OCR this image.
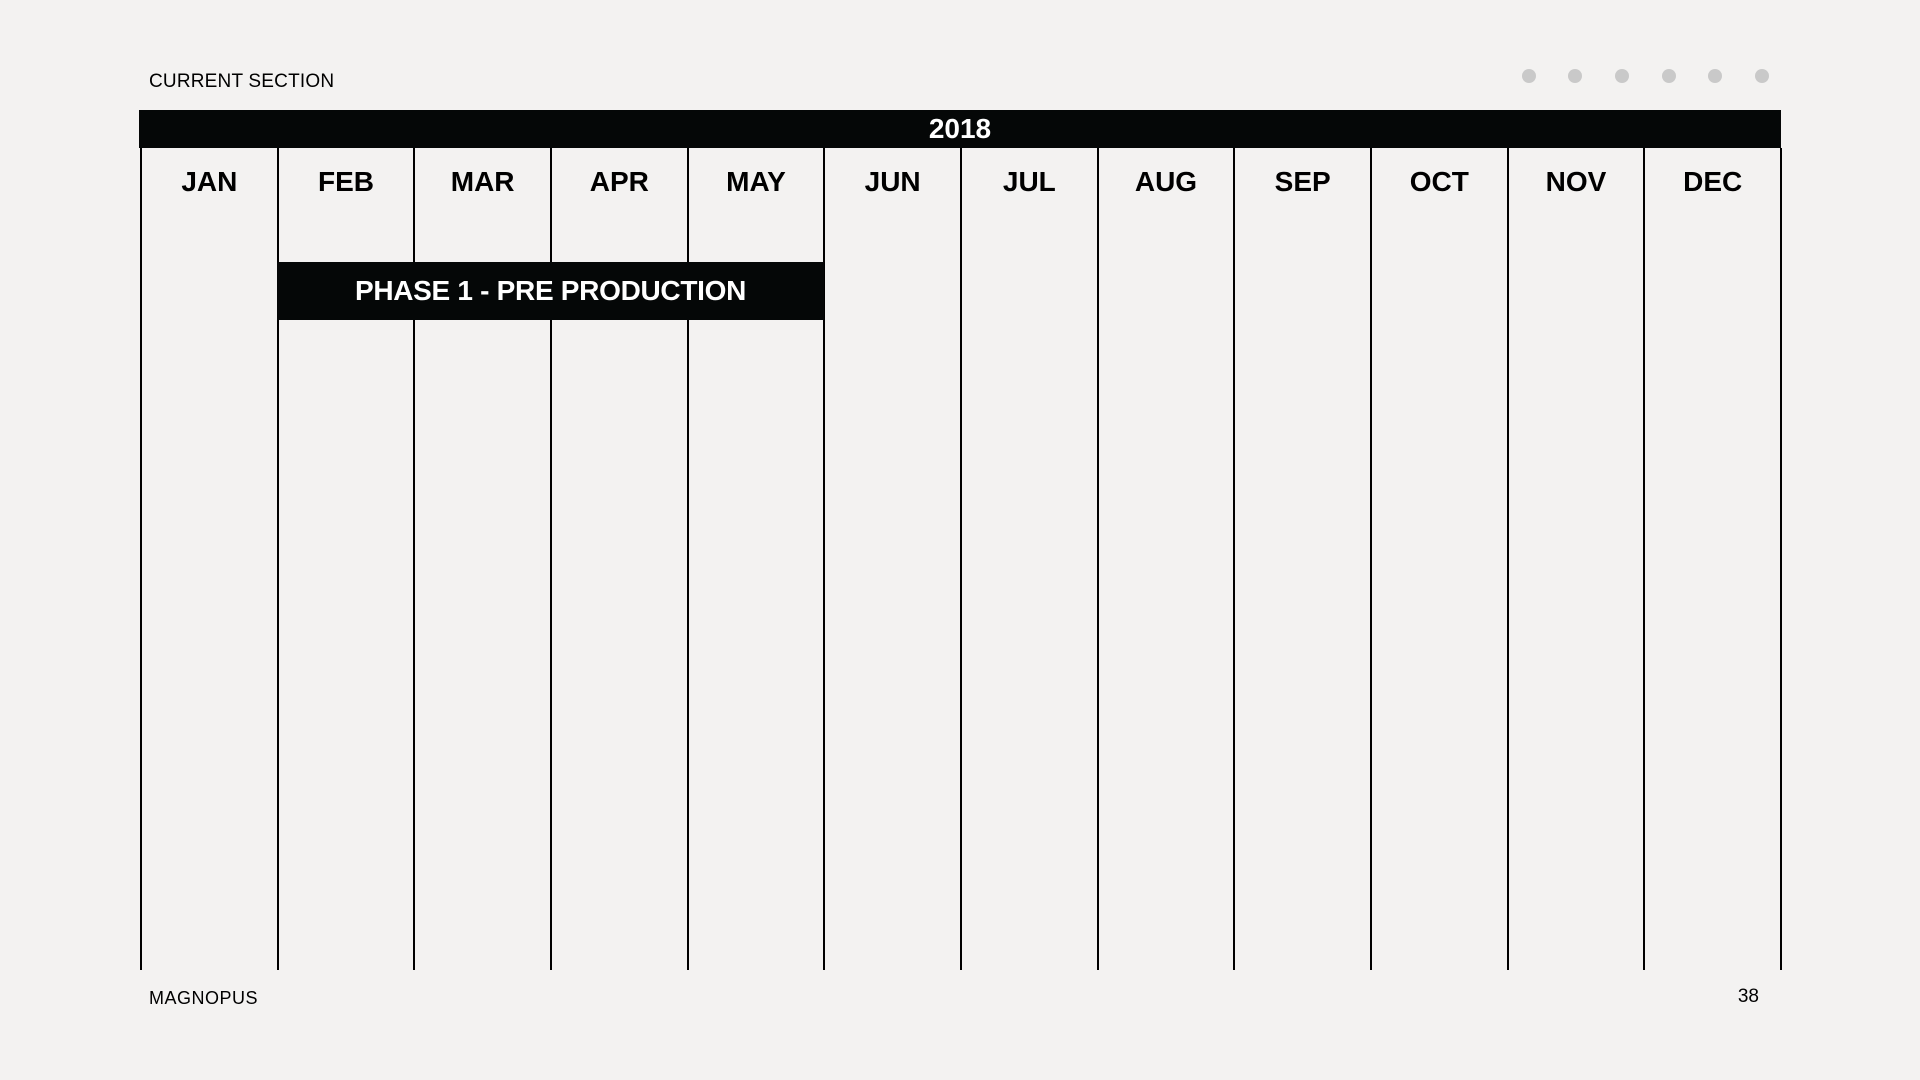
CURRENT SECTION
2018
JAN	FEB	MAR	APR	MAY	JUN	JUL	AUG	SEP	OCT	NOV	DEC
PHASE 1 - PRE PRODUCTION
MAGNOPUS	38
